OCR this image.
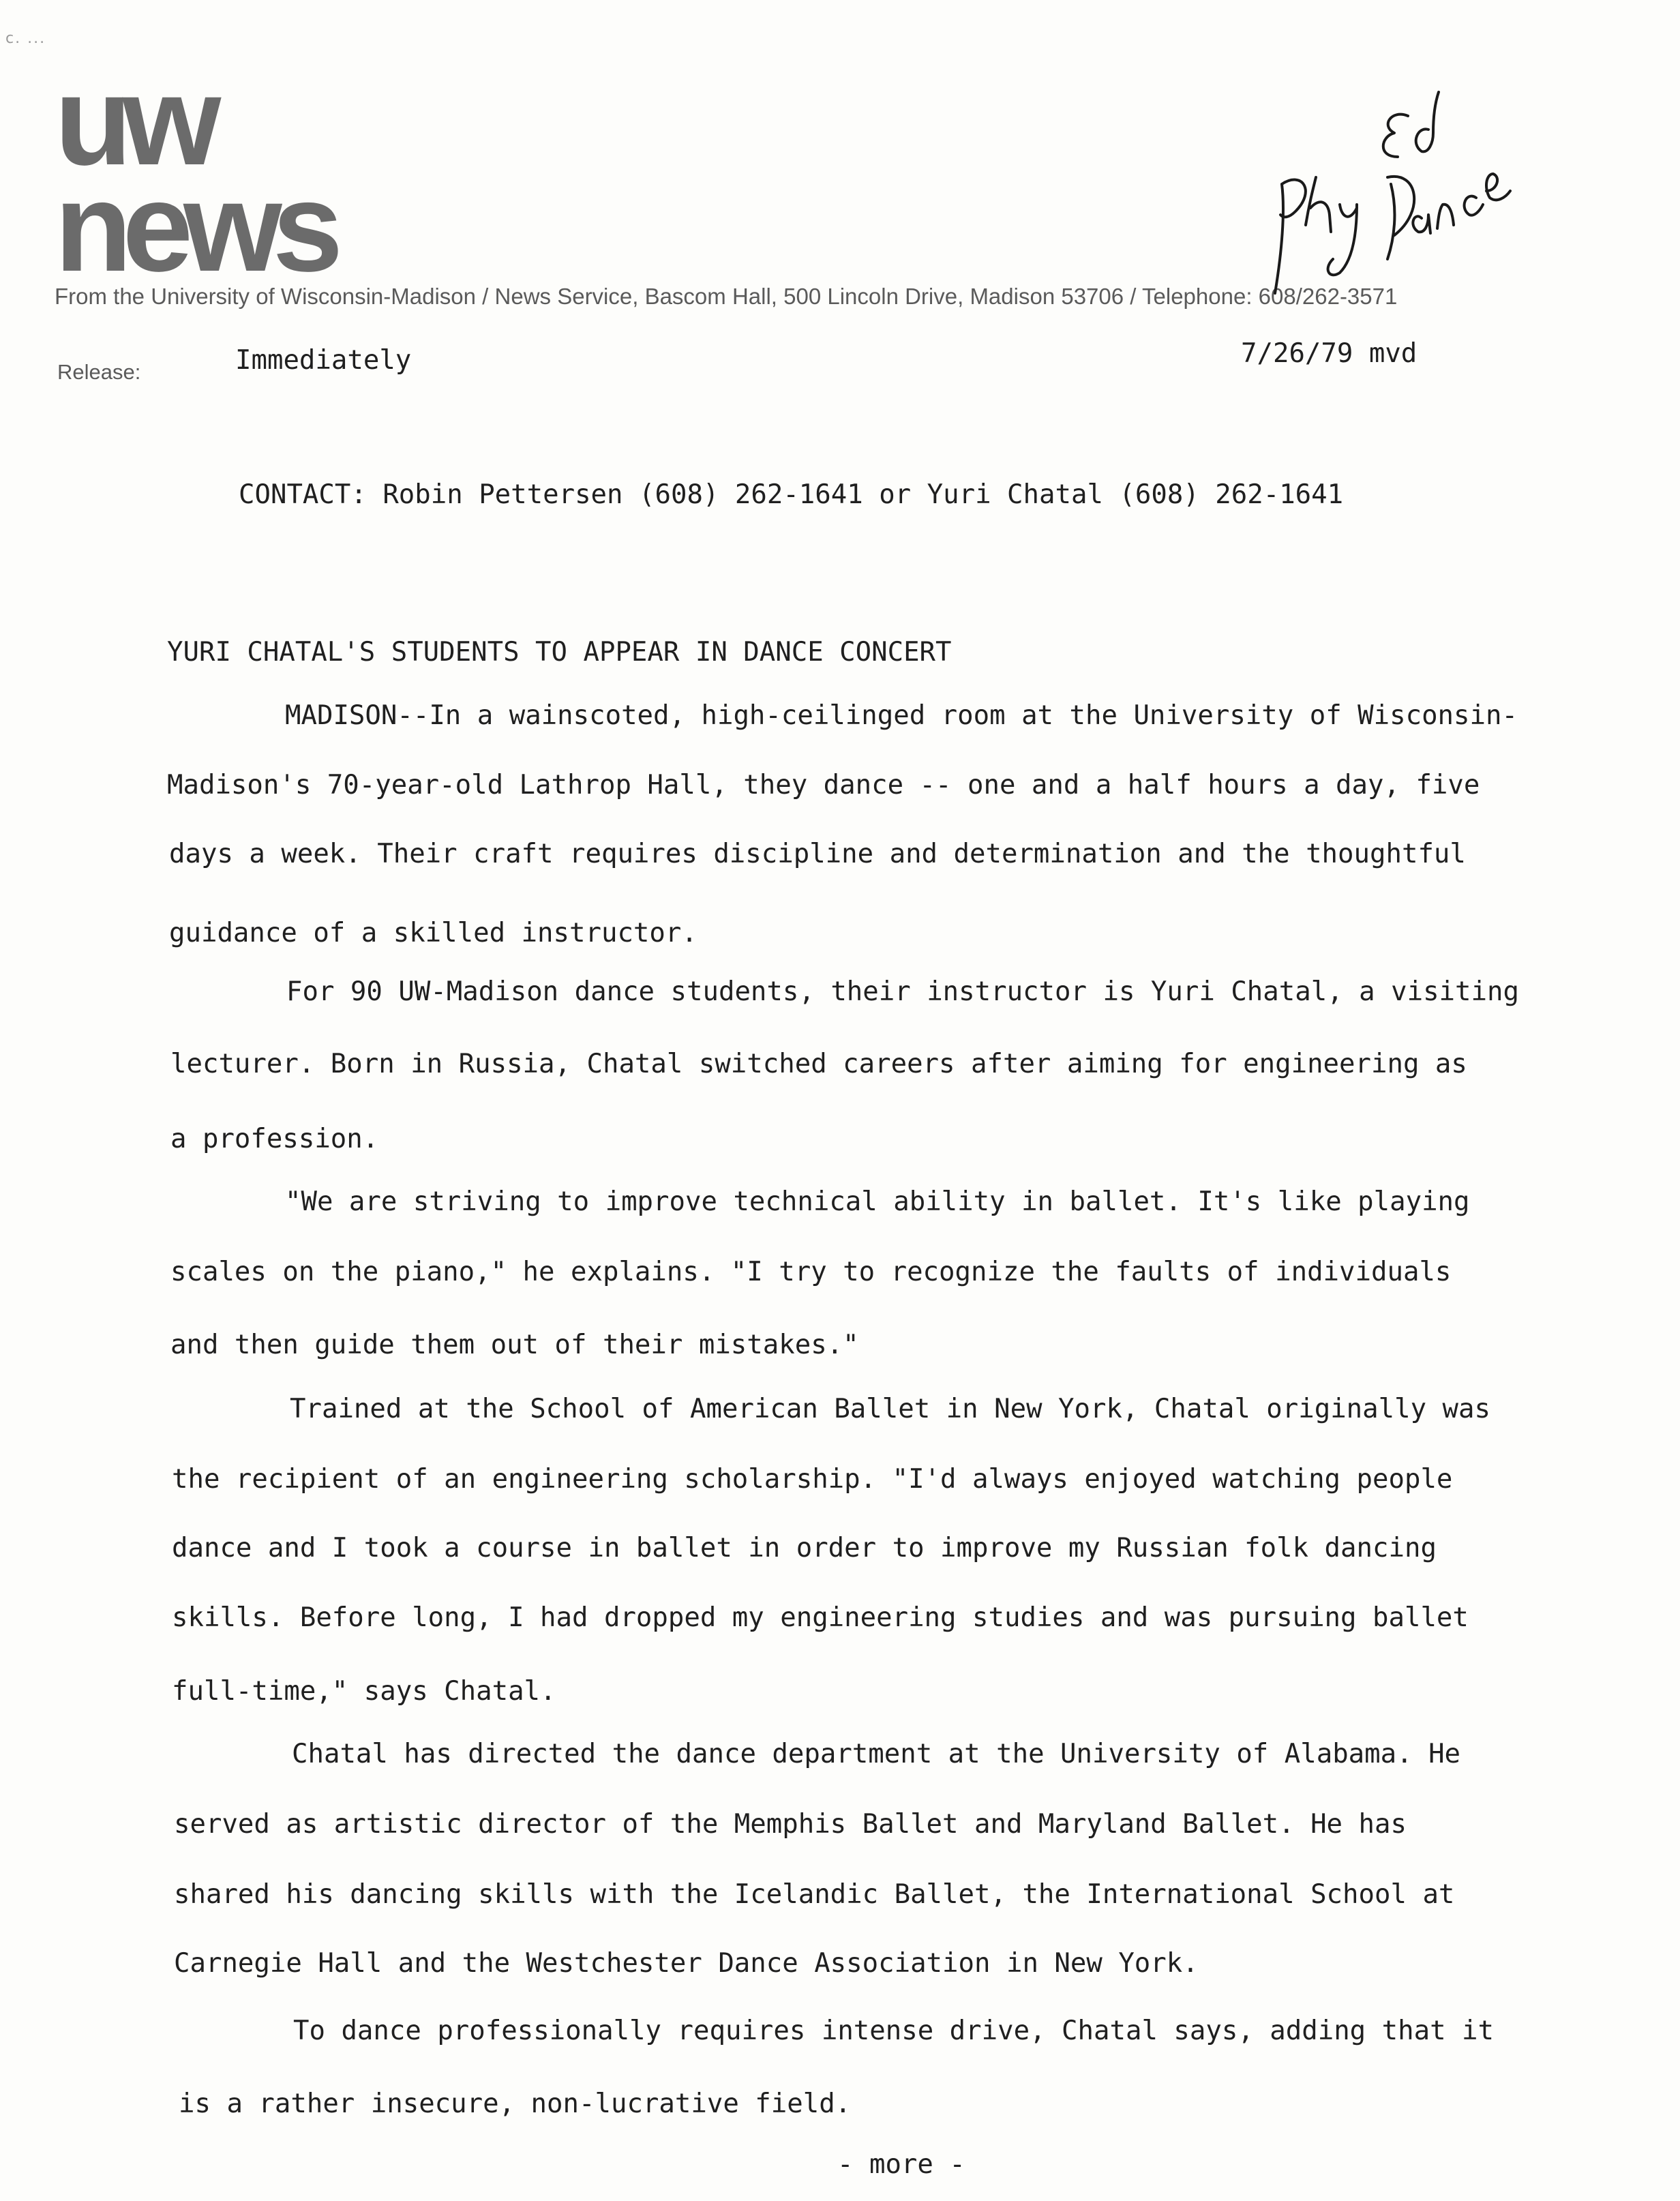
c. ...
uw
news
From the University of Wisconsin-Madison / News Service, Bascom Hall, 500 Lincoln Drive, Madison 53706 / Telephone: 608/262-3571
Release:	Immediately	7/26/79 mvd
CONTACT: Robin Pettersen (608) 262-1641 or Yuri Chatal (608) 262-1641
YURI CHATAL'S STUDENTS TO APPEAR IN DANCE CONCERT
MADISON--In a wainscoted, high-ceilinged room at the University of Wisconsin-
Madison's 70-year-old Lathrop Hall, they dance -- one and a half hours a day, five
days a week. Their craft requires discipline and determination and the thoughtful
guidance of a skilled instructor.
For 90 UW-Madison dance students, their instructor is Yuri Chatal, a visiting
lecturer. Born in Russia, Chatal switched careers after aiming for engineering as
a profession.
"We are striving to improve technical ability in ballet. It's like playing
scales on the piano," he explains. "I try to recognize the faults of individuals
and then guide them out of their mistakes."
Trained at the School of American Ballet in New York, Chatal originally was
the recipient of an engineering scholarship. "I'd always enjoyed watching people
dance and I took a course in ballet in order to improve my Russian folk dancing
skills. Before long, I had dropped my engineering studies and was pursuing ballet
full-time," says Chatal.
Chatal has directed the dance department at the University of Alabama. He
served as artistic director of the Memphis Ballet and Maryland Ballet. He has
shared his dancing skills with the Icelandic Ballet, the International School at
Carnegie Hall and the Westchester Dance Association in New York.
To dance professionally requires intense drive, Chatal says, adding that it
is a rather insecure, non-lucrative field.
- more -
